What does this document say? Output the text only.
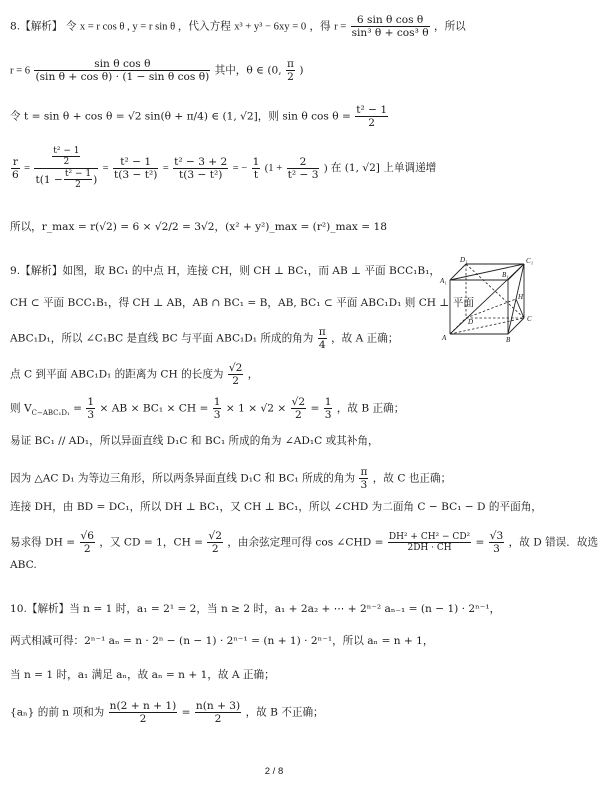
8.【解析】 令 x = r cos θ , y = r sin θ ，代入方程 x³ + y³ − 6xy = 0 ，得 $r = \frac{\text{6 sin θ cos θ}}{\text{sin³ θ + cos³ θ}}$ ，所以
$r = 6 \frac{\text{sin θ cos θ}}{\text{(sin θ + cos θ) · (1 − sin θ cos θ)}}$ 其中，θ ∈ (0, $\frac{\pi}{2}$ )
令 t = sin θ + cos θ = √2 sin(θ + π/4) ∈ (1, √2]，则 sin θ $\cos \theta = \frac{\text{t² − 1}}{2}$
$\frac{r}{6} = \frac{\frac{\text{t² − 1}}{2}}{t(1 - \frac{\text{t² − 1}}{2} )} = \frac{\text{t² − 1}}{\text{t(3 − t²)}} = \frac{\text{t² − 3 + 2}}{\text{t(3 − t²)}}$ = − $\frac{1}{t} (1 + \frac{2}{\text{t² − 3}}$ ) 在 (1, √2] 上单调递增
所以，r_max = r(√2) = 6 × √2/2 = 3√2，(x² + y²)_max = (r²)_max = 18
9.【解析】如图，取 BC₁ 的中点 H，连接 CH，则 CH ⊥ BC₁，而 AB ⊥ 平面 BCC₁B₁，
CH ⊂ 平面 BCC₁B₁，得 CH ⊥ AB，AB ∩ BC₁ = B，AB, BC₁ ⊂ 平面 ABC₁D₁ 则 CH ⊥ 平面
ABC₁D₁，所以 ∠C₁BC 是直线 BC 与平面 ABC₁D₁ 所成的角为 $\frac{\pi}{4}$ ，故 A 正确；
点 C 到平面 ABC₁D₁ 的距离为 CH 的长度为 $\frac{√2}{2}$ ，
则 $V_{C-ABC_1D_1} = \frac{1}{3}$ × AB × BC₁ × CH = $\frac{1}{3} \times 1 \times √2 \times \frac{√2}{2} = \frac{1}{3}$ ，故 B 正确；
易证 BC₁ // AD₁，所以异面直线 D₁C 和 BC₁ 所成的角为 ∠AD₁C 或其补角，
因为 △AC D₁ 为等边三角形，所以两条异面直线 D₁C 和 BC₁ 所成的角为 $\frac{\pi}{3}$ ，故 C 也正确；
连接 DH，由 BD = DC₁，所以 DH ⊥ BC₁，又 CH ⊥ BC₁，所以 ∠CHD 为二面角 C − BC₁ − D 的平面角，
易求得 DH = $\frac{√6}{2}$ ，又 CD = 1，CH = $\frac{√2}{2}$ ，由余弦定理可得 cos ∠CHD = $\frac{\text{DH² + CH² − CD²}}{2DH \cdot CH} = \frac{√3}{3}$ ，故 D 错误．故选
ABC.
10.【解析】当 n = 1 时，a₁ = 2¹ = 2，当 n ≥ 2 时，a₁ + 2a₂ + ⋯ + 2ⁿ⁻² aₙ₋₁ = (n − 1) · 2ⁿ⁻¹，
两式相减可得：2ⁿ⁻¹ aₙ = n · 2ⁿ − (n − 1) · 2ⁿ⁻¹ = (n + 1) · 2ⁿ⁻¹，所以 aₙ = n + 1，
当 n = 1 时，a₁ 满足 aₙ，故 aₙ = n + 1，故 A 正确；
{aₙ} 的前 n 项和为 $\frac{n(2 + n + 1)}{2} = \frac{n(n + 3)}{2}$ ，故 B 不正确；
D₁	C₁
A₁
B₁
H
D	C
A	B
2 / 8
